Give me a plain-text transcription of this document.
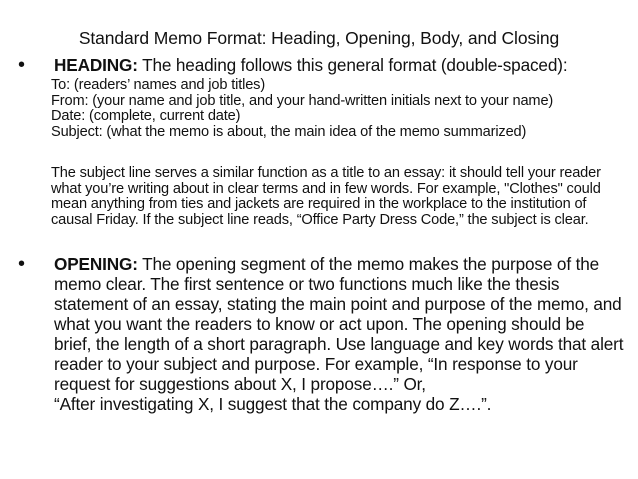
Standard Memo Format: Heading, Opening, Body, and Closing
•	HEADING: The heading follows this general format (double-spaced):
To: (readers’ names and job titles)
From: (your name and job title, and your hand-written initials next to your name)
Date: (complete, current date)
Subject: (what the memo is about, the main idea of the memo summarized)
The subject line serves a similar function as a title to an essay: it should tell your reader what you’re writing about in clear terms and in few words. For example, "Clothes" could mean anything from ties and jackets are required in the workplace to the institution of causal Friday. If the subject line reads, “Office Party Dress Code,” the subject is clear.
•	OPENING: The opening segment of the memo makes the purpose of the memo clear. The first sentence or two functions much like the thesis statement of an essay, stating the main point and purpose of the memo, and what you want the readers to know or act upon. The opening should be brief, the length of a short paragraph. Use language and key words that alert reader to your subject and purpose. For example, “In response to your request for suggestions about X, I propose….” Or,
“After investigating X, I suggest that the company do Z….”.
